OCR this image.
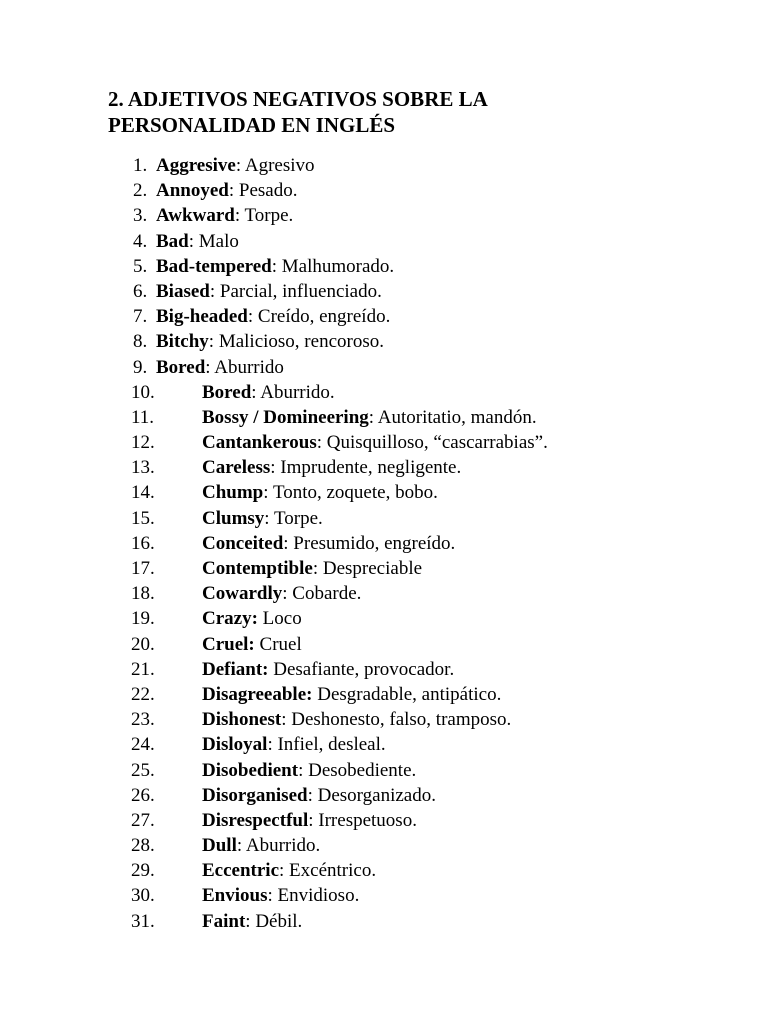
2. ADJETIVOS NEGATIVOS SOBRE LA
PERSONALIDAD EN INGLÉS
1. Aggresive: Agresivo
2. Annoyed: Pesado.
3. Awkward: Torpe.
4. Bad: Malo
5. Bad-tempered: Malhumorado.
6. Biased: Parcial, influenciado.
7. Big-headed: Creído, engreído.
8. Bitchy: Malicioso, rencoroso.
9. Bored: Aburrido
10. Bored: Aburrido.
11.	Bossy / Domineering: Autoritatio, mandón.
12. Cantankerous: Quisquilloso, “cascarrabias”.
13. Careless: Imprudente, negligente.
14. Chump: Tonto, zoquete, bobo.
15. Clumsy: Torpe.
16. Conceited: Presumido, engreído.
17. Contemptible: Despreciable
18. Cowardly: Cobarde.
19. Crazy: Loco
20. Cruel: Cruel
21. Defiant: Desafiante, provocador.
22. Disagreeable: Desgradable, antipático.
23. Dishonest: Deshonesto, falso, tramposo.
24. Disloyal: Infiel, desleal.
25. Disobedient: Desobediente.
26. Disorganised: Desorganizado.
27. Disrespectful: Irrespetuoso.
28. Dull: Aburrido.
29. Eccentric: Excéntrico.
30. Envious: Envidioso.
31. Faint: Débil.
